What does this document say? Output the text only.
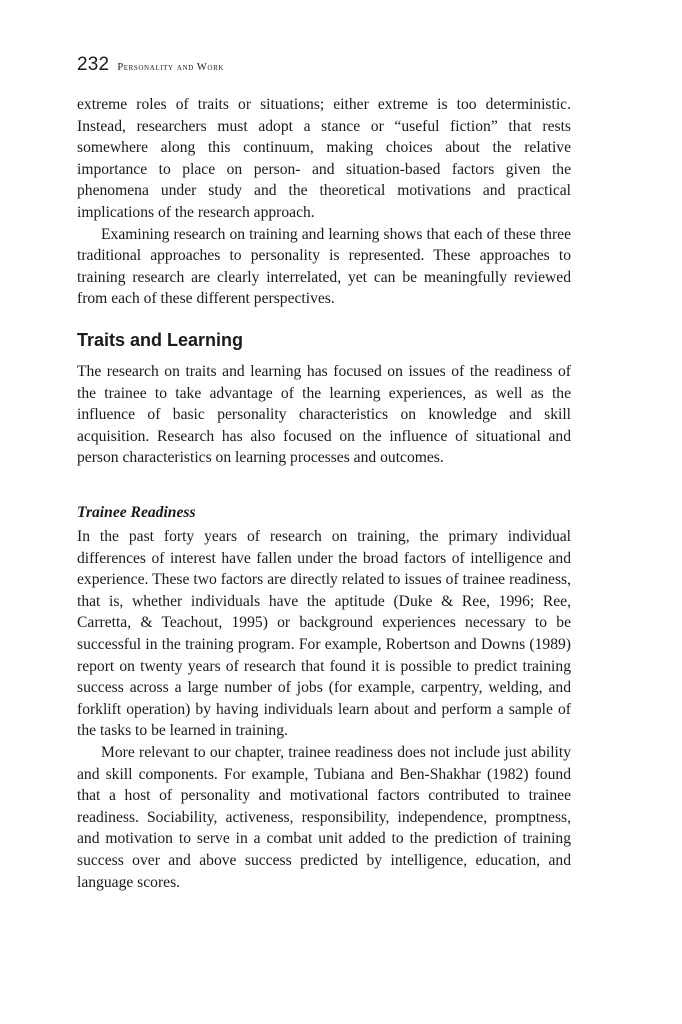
232 Personality and Work

extreme roles of traits or situations; either extreme is too deterministic. Instead, researchers must adopt a stance or “useful fiction” that rests somewhere along this continuum, making choices about the relative importance to place on person- and situation-based factors given the phenomena under study and the theoretical motivations and practical implications of the research approach.

Examining research on training and learning shows that each of these three traditional approaches to personality is represented. These approaches to training research are clearly interrelated, yet can be meaningfully reviewed from each of these different perspectives.

Traits and Learning

The research on traits and learning has focused on issues of the readiness of the trainee to take advantage of the learning experiences, as well as the influence of basic personality characteristics on knowledge and skill acquisition. Research has also focused on the influence of situational and person characteristics on learning processes and outcomes.

Trainee Readiness

In the past forty years of research on training, the primary individual differences of interest have fallen under the broad factors of intelligence and experience. These two factors are directly related to issues of trainee readiness, that is, whether individuals have the aptitude (Duke & Ree, 1996; Ree, Carretta, & Teachout, 1995) or background experiences necessary to be successful in the training program. For example, Robertson and Downs (1989) report on twenty years of research that found it is possible to predict training success across a large number of jobs (for example, carpentry, welding, and forklift operation) by having individuals learn about and perform a sample of the tasks to be learned in training.

More relevant to our chapter, trainee readiness does not include just ability and skill components. For example, Tubiana and Ben-Shakhar (1982) found that a host of personality and motivational factors contributed to trainee readiness. Sociability, activeness, responsibility, independence, promptness, and motivation to serve in a combat unit added to the prediction of training success over and above success predicted by intelligence, education, and language scores.
